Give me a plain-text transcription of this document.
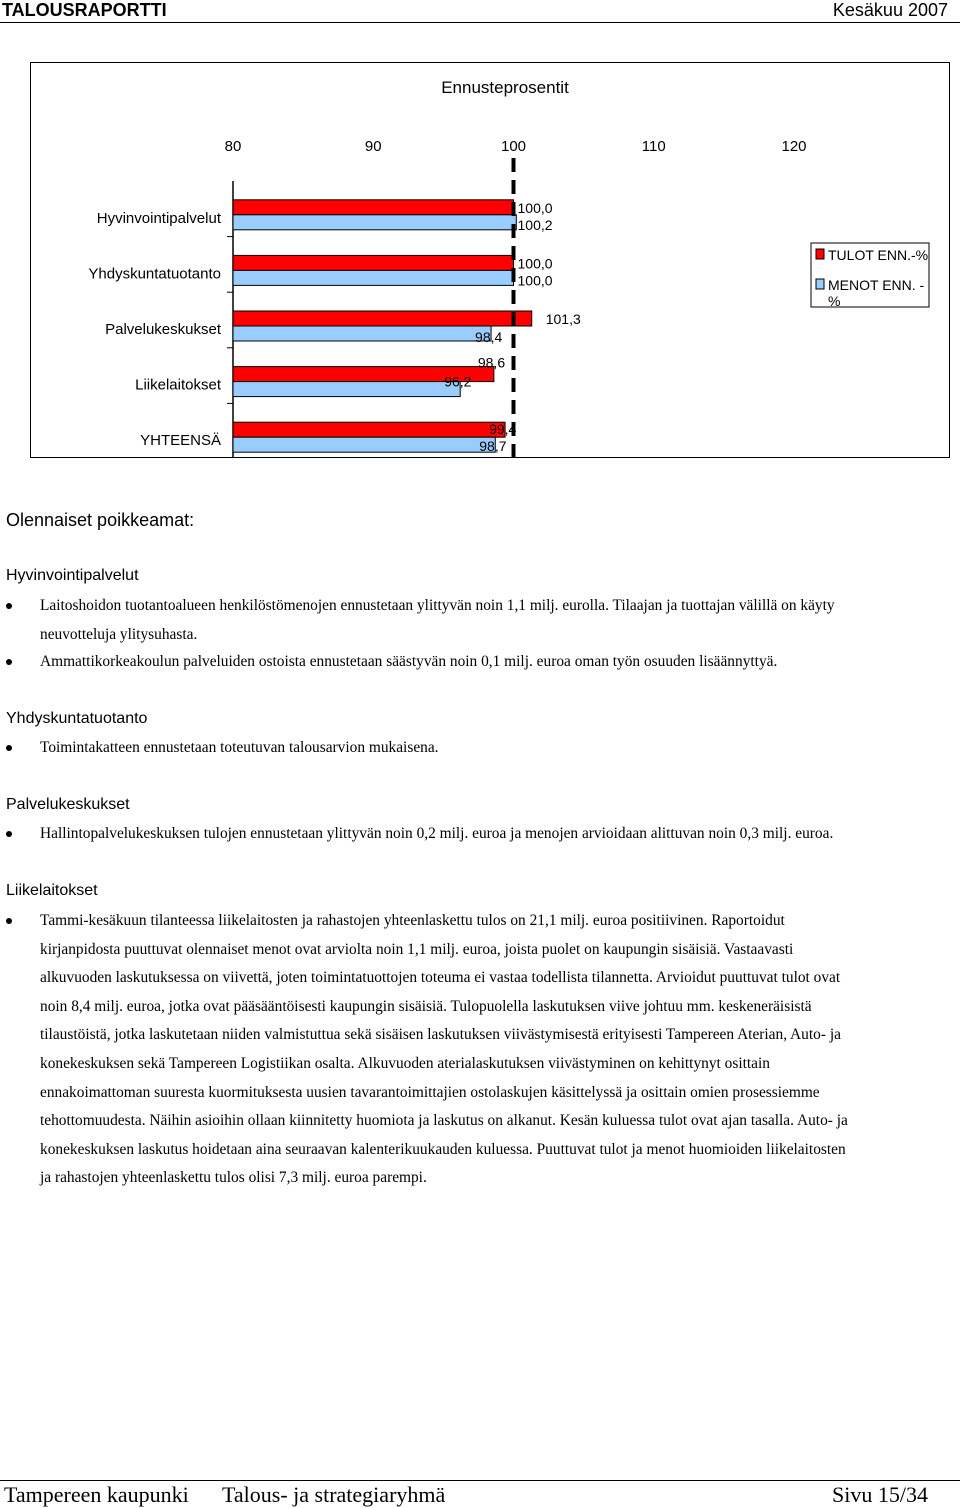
TALOUSRAPORTTI	Kesäkuu 2007
Ennusteprosentit
80	90	100	110	120
Hyvinvointipalvelut
100,0
100,2
Yhdyskuntatuotanto
100,0
100,0
Palvelukeskukset
101,3
98,4
Liikelaitokset
98,6
96,2
YHTEENSÄ
99,4
98,7
TULOT ENN.-%
MENOT ENN. -
%
Olennaiset poikkeamat:
Hyvinvointipalvelut
Laitoshoidon tuotantoalueen henkilöstömenojen ennustetaan ylittyvän noin 1,1 milj. eurolla. Tilaajan ja tuottajan välillä on käyty
neuvotteluja ylitysuhasta.
Ammattikorkeakoulun palveluiden ostoista ennustetaan säästyvän noin 0,1 milj. euroa oman työn osuuden lisäännyttyä.
Yhdyskuntatuotanto
Toimintakatteen ennustetaan toteutuvan talousarvion mukaisena.
Palvelukeskukset
Hallintopalvelukeskuksen tulojen ennustetaan ylittyvän noin 0,2 milj. euroa ja menojen arvioidaan alittuvan noin 0,3 milj. euroa.
Liikelaitokset
Tammi-kesäkuun tilanteessa liikelaitosten ja rahastojen yhteenlaskettu tulos on 21,1 milj. euroa positiivinen. Raportoidut
kirjanpidosta puuttuvat olennaiset menot ovat arviolta noin 1,1 milj. euroa, joista puolet on kaupungin sisäisiä. Vastaavasti
alkuvuoden laskutuksessa on viivettä, joten toimintatuottojen toteuma ei vastaa todellista tilannetta. Arvioidut puuttuvat tulot ovat
noin 8,4 milj. euroa, jotka ovat pääsääntöisesti kaupungin sisäisiä. Tulopuolella laskutuksen viive johtuu mm. keskeneräisistä
tilaustöistä, jotka laskutetaan niiden valmistuttua sekä sisäisen laskutuksen viivästymisestä erityisesti Tampereen Aterian, Auto- ja
konekeskuksen sekä Tampereen Logistiikan osalta. Alkuvuoden aterialaskutuksen viivästyminen on kehittynyt osittain
ennakoimattoman suuresta kuormituksesta uusien tavarantoimittajien ostolaskujen käsittelyssä ja osittain omien prosessiemme
tehottomuudesta. Näihin asioihin ollaan kiinnitetty huomiota ja laskutus on alkanut. Kesän kuluessa tulot ovat ajan tasalla. Auto- ja
konekeskuksen laskutus hoidetaan aina seuraavan kalenterikuukauden kuluessa. Puuttuvat tulot ja menot huomioiden liikelaitosten
ja rahastojen yhteenlaskettu tulos olisi 7,3 milj. euroa parempi.
Tampereen kaupunki Talous- ja strategiaryhmä	Sivu 15/34
